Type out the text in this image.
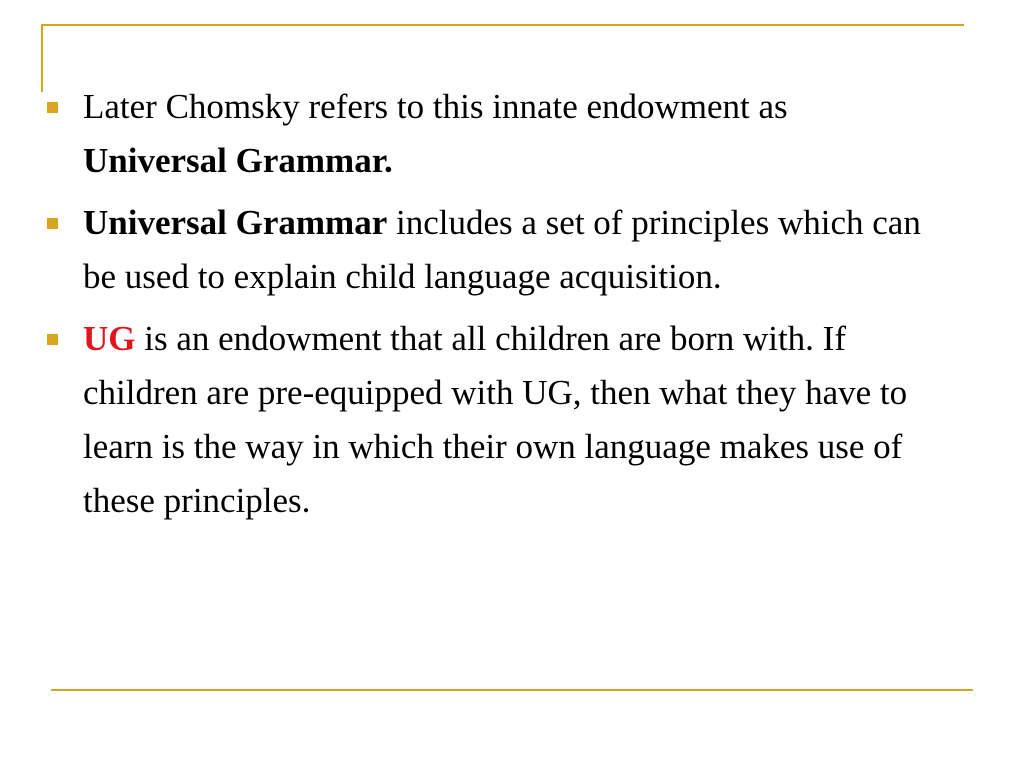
Later Chomsky refers to this innate endowment as
Universal Grammar.
Universal Grammar includes a set of principles which can be used to explain child language acquisition.
UG is an endowment that all children are born with. If children are pre-equipped with UG, then what they have to learn is the way in which their own language makes use of these principles.
